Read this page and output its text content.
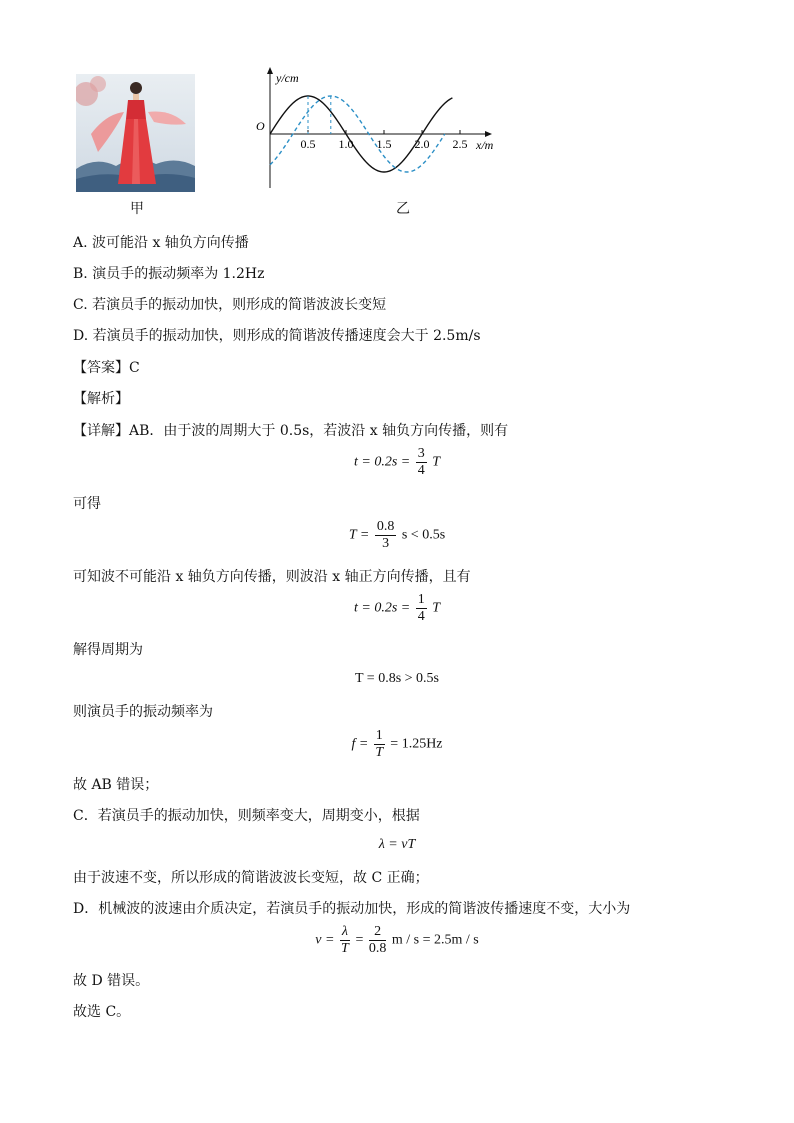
甲
0.5 1.0 1.5 2.0 2.5 x/m
y/cm
O
乙
A. 波可能沿 x 轴负方向传播
B. 演员手的振动频率为 1.2Hz
C. 若演员手的振动加快，则形成的简谐波波长变短
D. 若演员手的振动加快，则形成的简谐波传播速度会大于 2.5m/s
【答案】C
【解析】
【详解】AB．由于波的周期大于 0.5s，若波沿 x 轴负方向传播，则有
$t = 0.2s = \frac{3}{4}$ T
可得
$T = \frac{0.8}{3}$ s < 0.5s
可知波不可能沿 x 轴负方向传播，则波沿 x 轴正方向传播，且有
$t = 0.2s = \frac{1}{4}$ T
解得周期为
T = 0.8s > 0.5s
则演员手的振动频率为
$f = \frac{1}{T} = 1.25Hz$
故 AB 错误；
C．若演员手的振动加快，则频率变大，周期变小，根据
λ = vT
由于波速不变，所以形成的简谐波波长变短，故 C 正确；
D．机械波的波速由介质决定，若演员手的振动加快，形成的简谐波传播速度不变，大小为
$v = \frac{\lambda}{T} = \frac{2}{0.8}$ m / s = 2.5m / s
故 D 错误。
故选 C。
